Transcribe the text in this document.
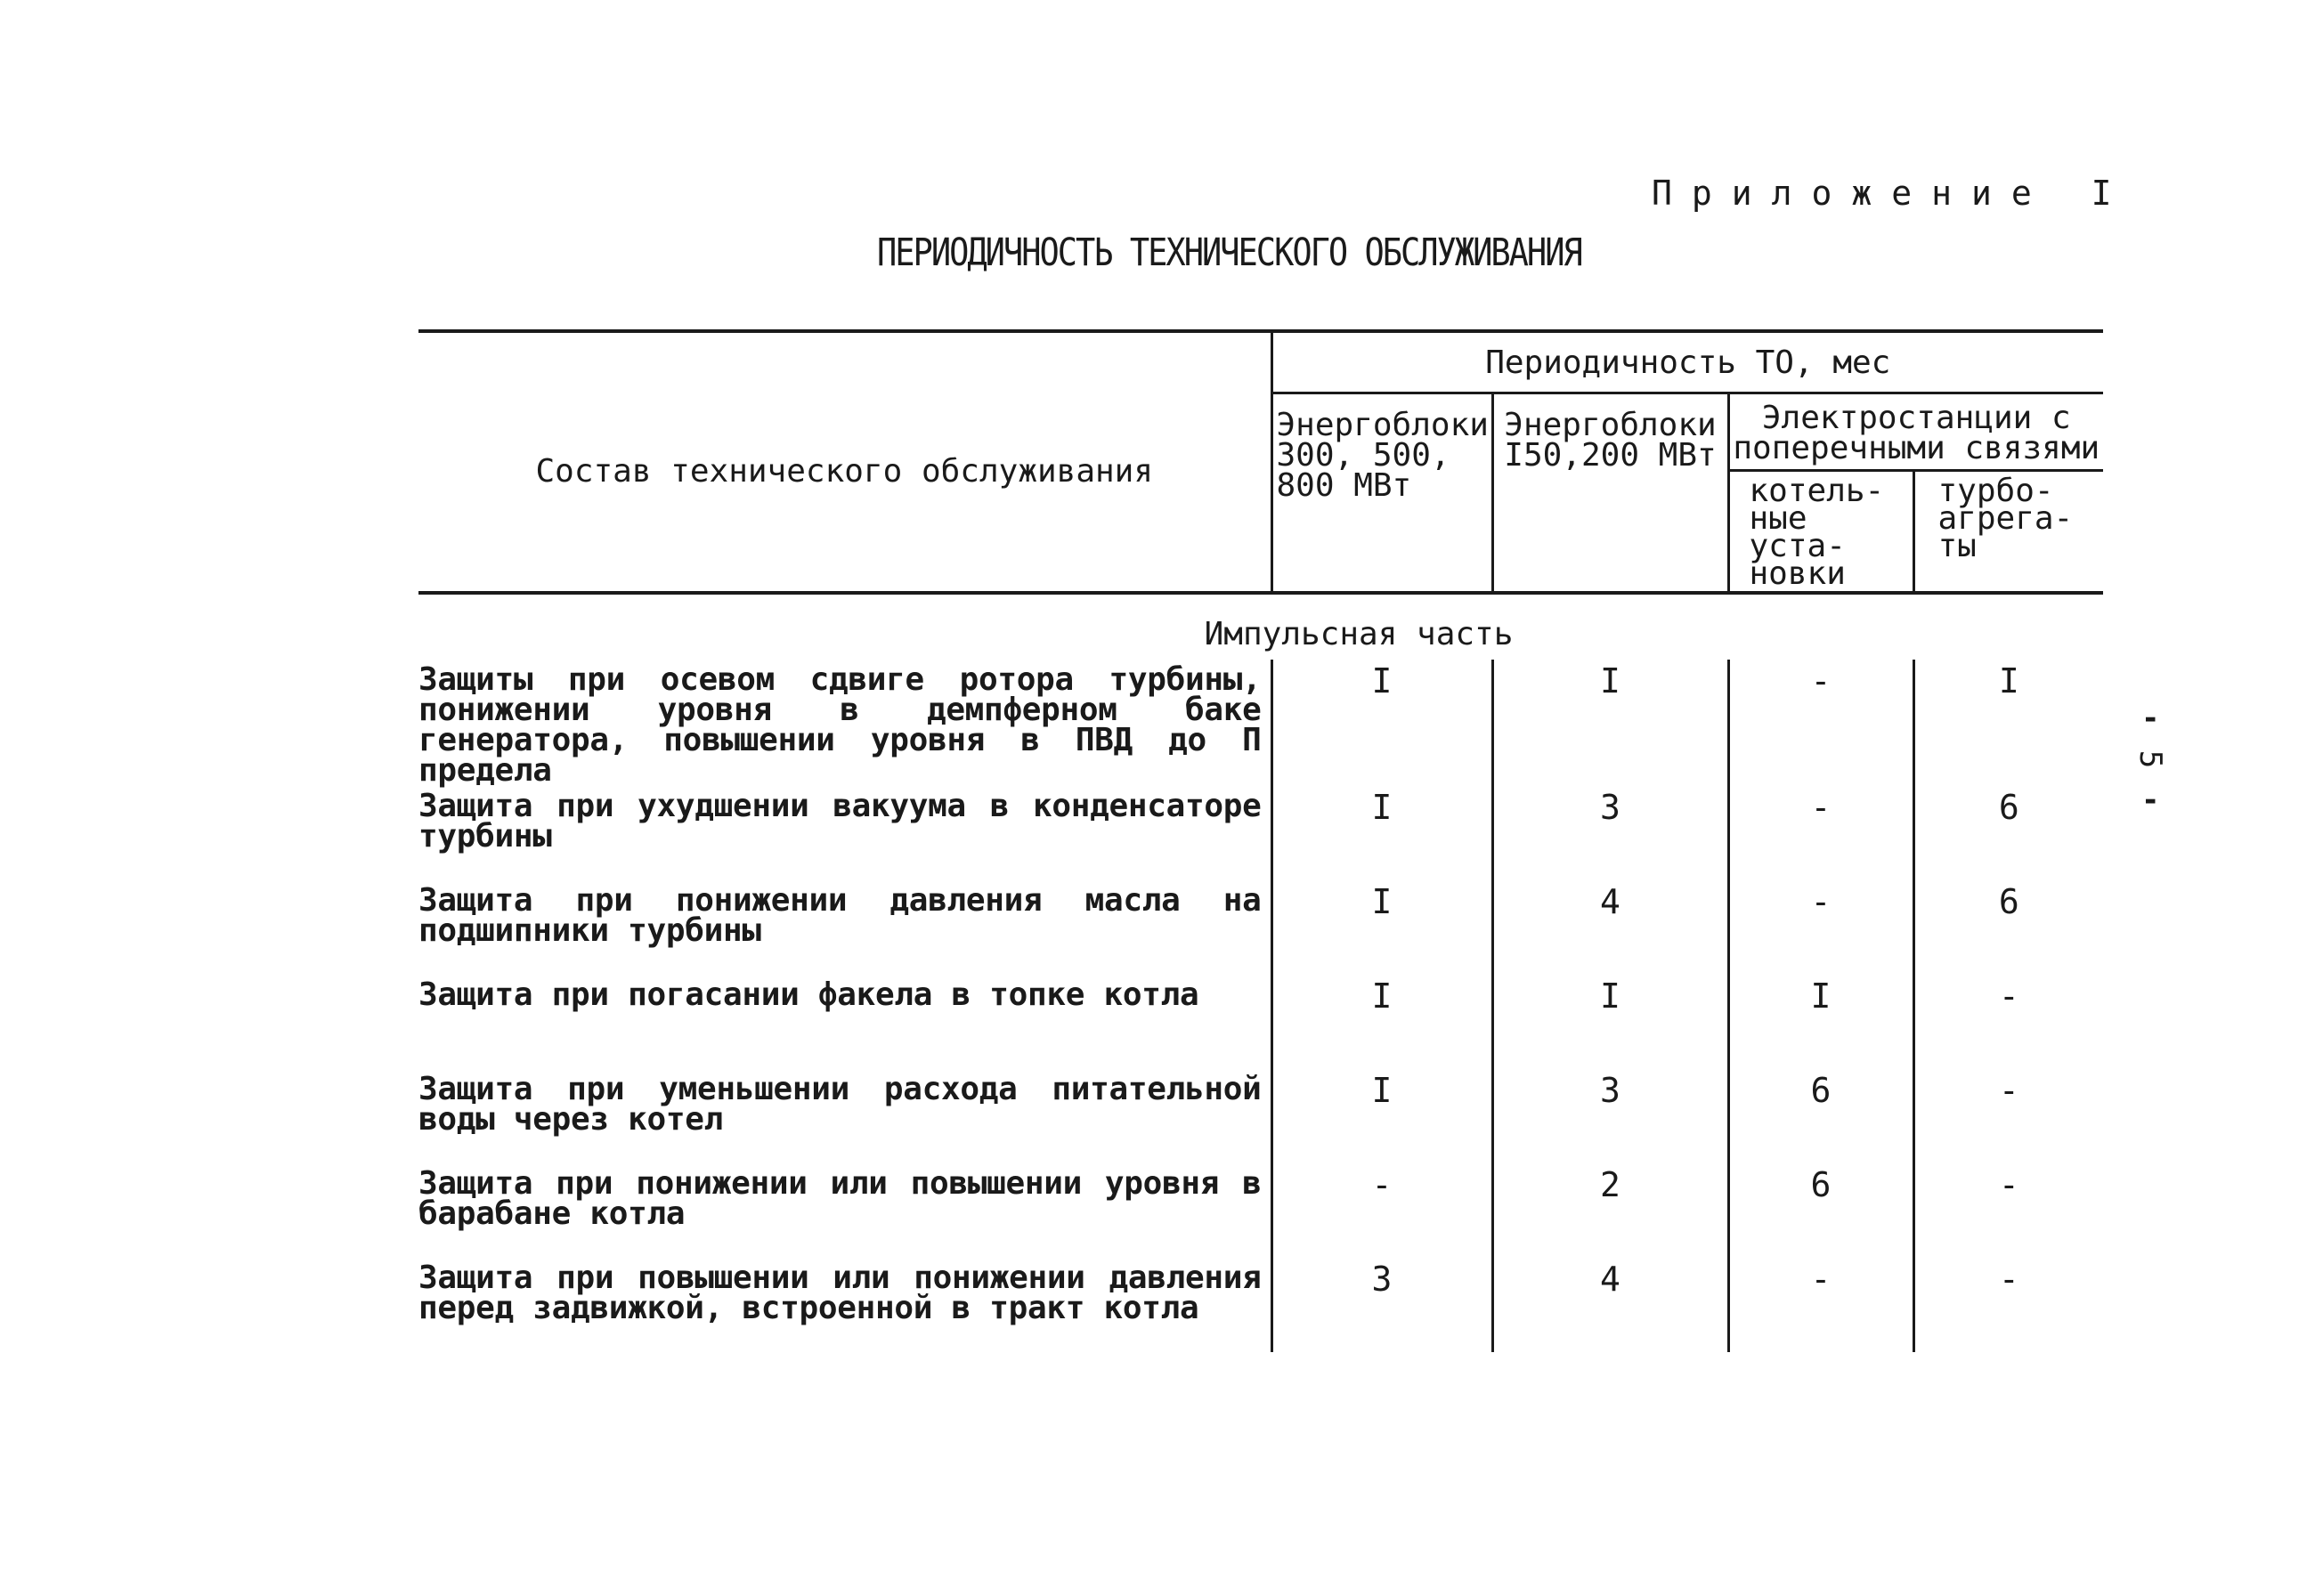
Приложение I
ПЕРИОДИЧНОСТЬ ТЕХНИЧЕСКОГО ОБСЛУЖИВАНИЯ
-
5
-
Состав технического обслуживания	Периодичность ТО, мес			
	Энергоблоки 300, 500, 800 МВт	Энергоблоки I50,200 МВт	Электростанции с поперечными связями	
			котель-ные уста-новки	турбо-агрега-ты
Импульсная часть				
Защиты при осевом сдвиге ротора турбины, понижении уровня в демпферном баке генератора, повышении уровня в ПВД до П предела	I	I	-	I
Защита при ухудшении вакуума в конденсаторе турбины	I	3	-	6
Защита при понижении давления масла на подшипники турбины	I	4	-	6
Защита при погасании факела в топке котла	I	I	I	-
Защита при уменьшении расхода питательной воды через котел	I	3	6	-
Защита при понижении или повышении уровня в барабане котла	-	2	6	-
Защита при повышении или понижении давления перед задвижкой, встроенной в тракт котла	3	4	-	-
